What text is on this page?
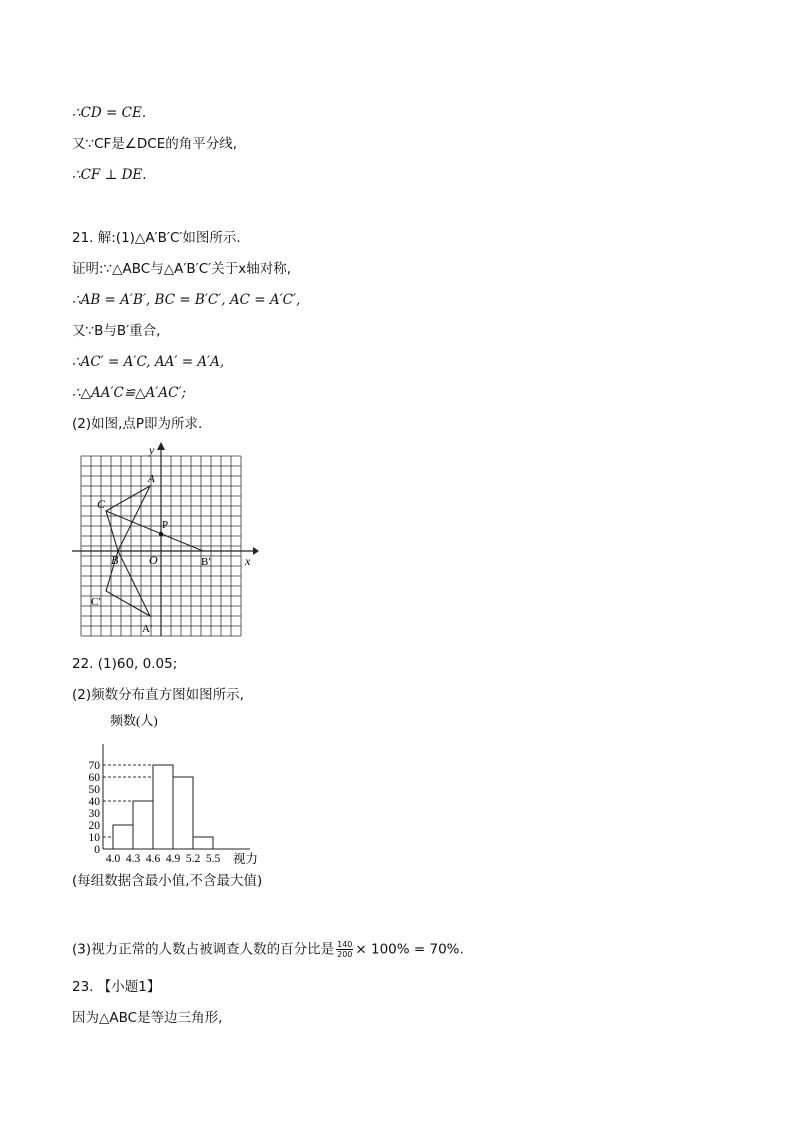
∴CD = CE.
又∵CF是∠DCE的角平分线,
∴CF ⊥ DE.
21. 解:(1)△A′B′C′如图所示.
证明:∵△ABC与△A′B′C′关于x轴对称,
∴AB = A′B′, BC = B′C′, AC = A′C′,
又∵B与B′重合,
∴AC′ = A′C, AA′ = A′A,
∴△AA′C≌△A′AC′;
(2)如图,点P即为所求.
x
y
O
A
C
B
P
B′
C′
A′
22. (1)60, 0.05;
(2)频数分布直方图如图所示,
频数(人)
视力
0
10
20
30
40
50
60
70
4.0 4.3 4.6 4.9 5.2 5.5
(每组数据含最小值,不含最大值)
(3)视力正常的人数占被调查人数的百分比是 $\frac{140}{200} \times 100\% = 70\%$.
23. 【小题1】
因为△ABC是等边三角形,
